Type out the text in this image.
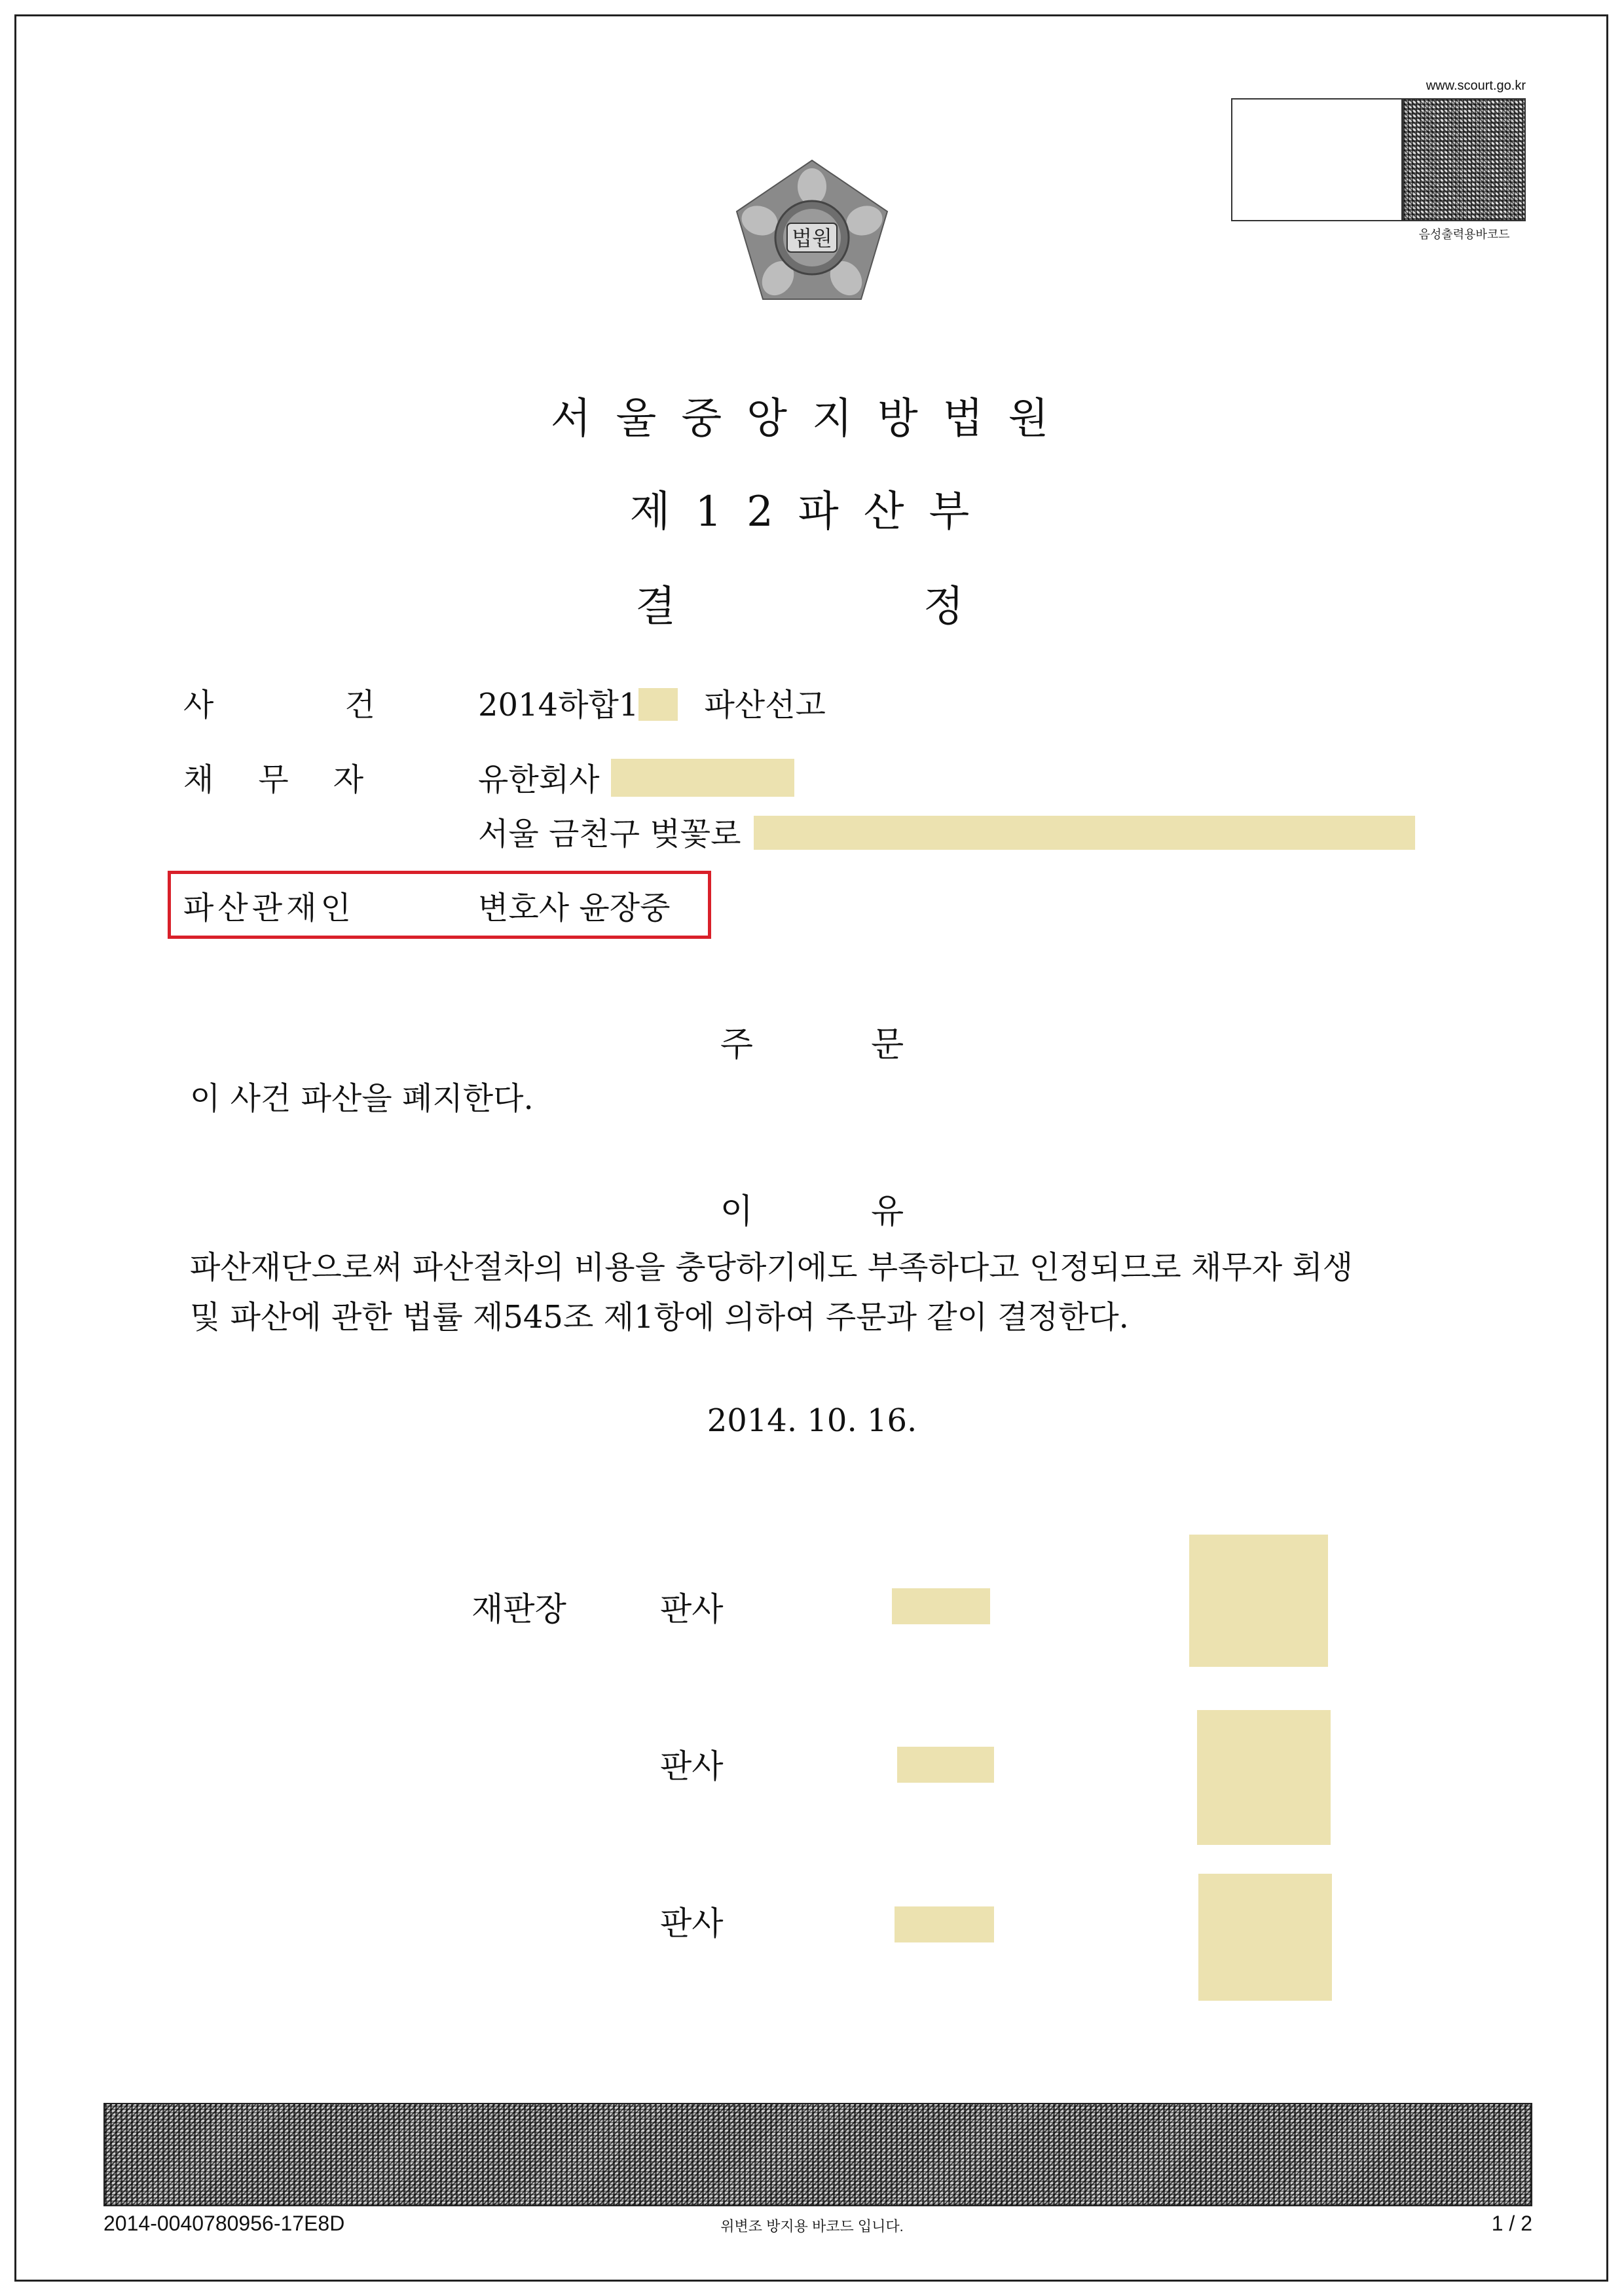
www.scourt.go.kr
음성출력용바코드
법원
서울중앙지방법원
제12파산부
결	정
사	건	2014하합1 파산선고
채 무 자	유한회사
서울 금천구 벚꽃로
파산관재인	변호사 윤장중
주	문
이 사건 파산을 폐지한다.
이	유
파산재단으로써 파산절차의 비용을 충당하기에도 부족하다고 인정되므로 채무자 회생
및 파산에 관한 법률 제545조 제1항에 의하여 주문과 같이 결정한다.
2014. 10. 16.
재판장	판사
판사
판사
2014-0040780956-17E8D	위변조 방지용 바코드 입니다.	1 / 2
